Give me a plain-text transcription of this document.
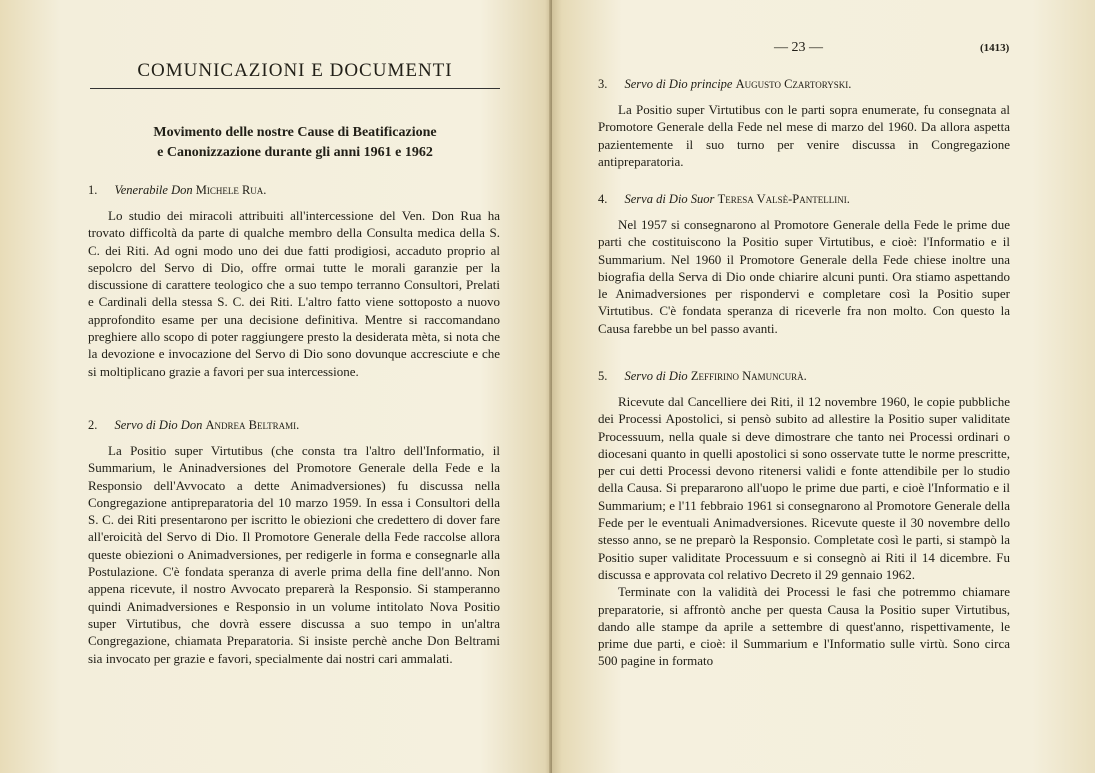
COMUNICAZIONI E DOCUMENTI
Movimento delle nostre Cause di Beatificazione
e Canonizzazione durante gli anni 1961 e 1962
1. Venerabile Don Michele Rua.

Lo studio dei miracoli attribuiti all'intercessione del Ven. Don Rua ha trovato difficoltà da parte di qualche membro della Consulta medica della S. C. dei Riti. Ad ogni modo uno dei due fatti prodigiosi, accaduto proprio al sepolcro del Servo di Dio, offre ormai tutte le morali garanzie per la discussione di carattere teologico che a suo tempo terranno Consultori, Prelati e Cardinali della stessa S. C. dei Riti. L'altro fatto viene sottoposto a nuovo approfondito esame per una decisione definitiva. Mentre si raccomandano preghiere allo scopo di poter raggiungere presto la desiderata mèta, si nota che la devozione e invocazione del Servo di Dio sono dovunque accresciute e che si moltiplicano grazie a favori per sua intercessione.

2. Servo di Dio Don Andrea Beltrami.

La Positio super Virtutibus (che consta tra l'altro dell'Informatio, il Summarium, le Aninadversiones del Promotore Generale della Fede e la Responsio dell'Avvocato a dette Animadversiones) fu discussa nella Congregazione antipreparatoria del 10 marzo 1959. In essa i Consultori della S. C. dei Riti presentarono per iscritto le obiezioni che credettero di dover fare all'eroicità del Servo di Dio. Il Promotore Generale della Fede raccolse allora queste obiezioni o Animadversiones, per redigerle in forma e consegnarle alla Postulazione. C'è fondata speranza di averle prima della fine dell'anno. Non appena ricevute, il nostro Avvocato preparerà la Responsio. Si stamperanno quindi Animadversiones e Responsio in un volume intitolato Nova Positio super Virtutibus, che dovrà essere discussa a suo tempo in un'altra Congregazione, chiamata Preparatoria. Si insiste perchè anche Don Beltrami sia invocato per grazie e favori, specialmente dai nostri cari ammalati.

— 23 —	(1413)
3. Servo di Dio principe Augusto Czartoryski.

La Positio super Virtutibus con le parti sopra enumerate, fu consegnata al Promotore Generale della Fede nel mese di marzo del 1960. Da allora aspetta pazientemente il suo turno per venire discussa in Congregazione antipreparatoria.

4. Serva di Dio Suor Teresa Valsè-Pantellini.

Nel 1957 si consegnarono al Promotore Generale della Fede le prime due parti che costituiscono la Positio super Virtutibus, e cioè: l'Informatio e il Summarium. Nel 1960 il Promotore Generale della Fede chiese inoltre una biografia della Serva di Dio onde chiarire alcuni punti. Ora stiamo aspettando le Animadversiones per rispondervi e completare così la Positio super Virtutibus. C'è fondata speranza di riceverle fra non molto. Con questo la Causa farebbe un bel passo avanti.

5. Servo di Dio Zeffirino Namuncurà.

Ricevute dal Cancelliere dei Riti, il 12 novembre 1960, le copie pubbliche dei Processi Apostolici, si pensò subito ad allestire la Positio super validitate Processuum, nella quale si deve dimostrare che tanto nei Processi ordinari o diocesani quanto in quelli apostolici si sono osservate tutte le norme prescritte, per cui detti Processi devono ritenersi validi e fonte attendibile per lo studio della Causa. Si prepararono all'uopo le prime due parti, e cioè l'Informatio e il Summarium; e l'11 febbraio 1961 si consegnarono al Promotore Generale della Fede per le eventuali Animadversiones. Ricevute queste il 30 novembre dello stesso anno, se ne preparò la Responsio. Completate così le parti, si stampò la Positio super validitate Processuum e si consegnò ai Riti il 14 dicembre. Fu discussa e approvata col relativo Decreto il 29 gennaio 1962.

Terminate con la validità dei Processi le fasi che potremmo chiamare preparatorie, si affrontò anche per questa Causa la Positio super Virtutibus, dando alle stampe da aprile a settembre di quest'anno, rispettivamente, le prime due parti, e cioè: il Summarium e l'Informatio sulle virtù. Sono circa 500 pagine in formato
